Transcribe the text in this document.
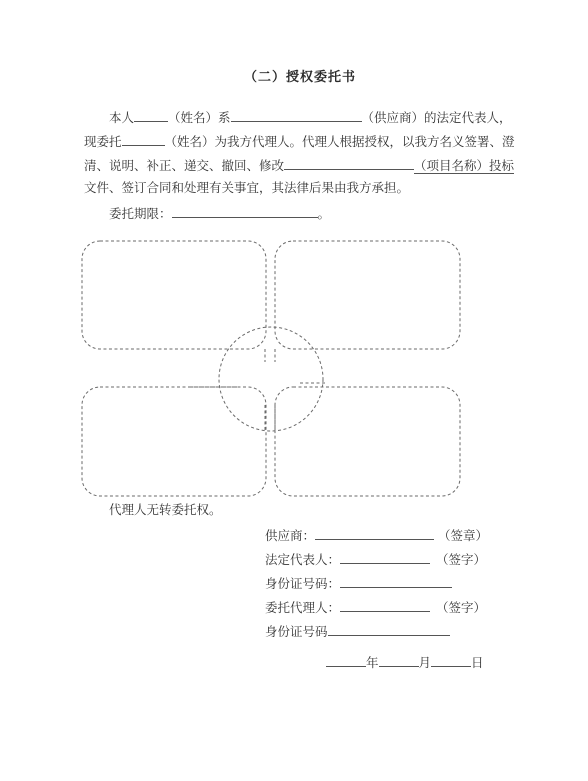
（二）授权委托书
本人	（姓名）系	（供应商）的法定代表人，
现委托	（姓名）为我方代理人。代理人根据授权，以我方名义签署、澄
清、说明、补正、递交、撤回、修改	（项目名称）投标
文件、签订合同和处理有关事宜，其法律后果由我方承担。
委托期限：	。
代理人无转委托权。
供应商：	（签章）
法定代表人：	（签字）
身份证号码：
委托代理人：	（签字）
身份证号码
年	月	日
